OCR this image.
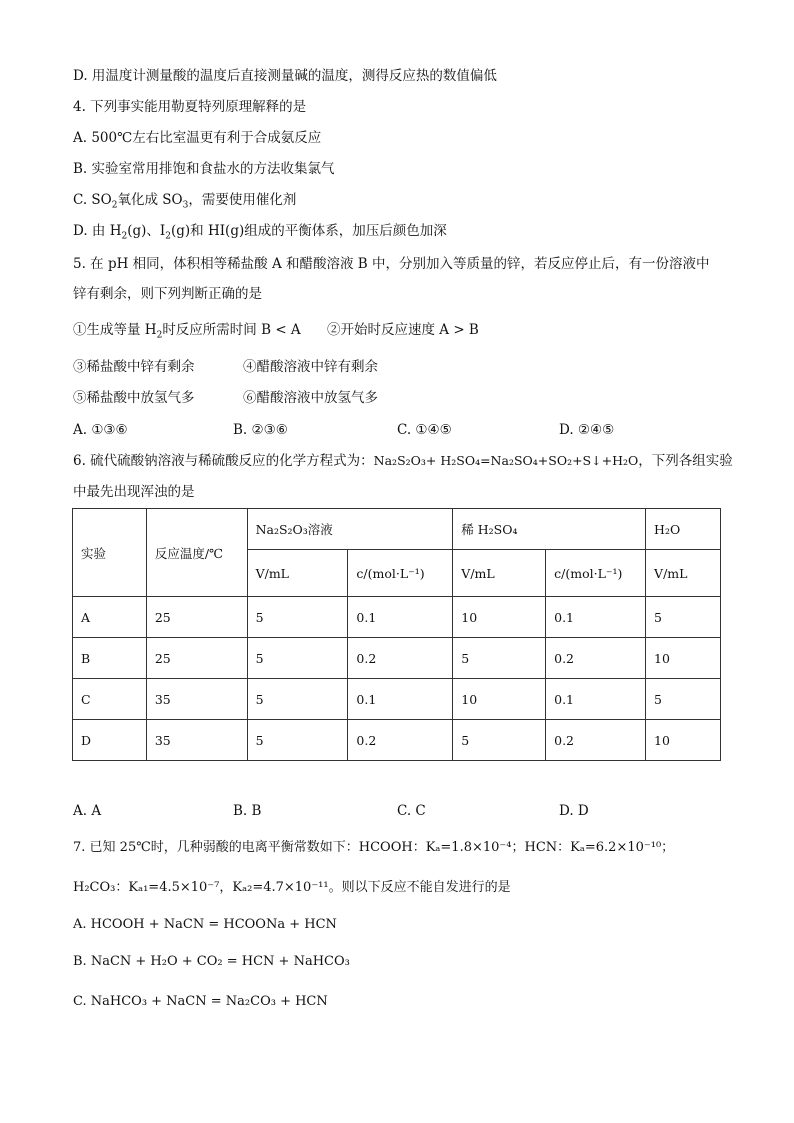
D. 用温度计测量酸的温度后直接测量碱的温度，测得反应热的数值偏低
4. 下列事实能用勒夏特列原理解释的是
A. 500℃左右比室温更有利于合成氨反应
B. 实验室常用排饱和食盐水的方法收集氯气
C. $SO_2$氧化成 $SO_3$，需要使用催化剂
D. 由 $H_2(g)$、$I_2(g)$和 HI(g)组成的平衡体系，加压后颜色加深
5. 在 pH 相同，体积相等稀盐酸 A 和醋酸溶液 B 中，分别加入等质量的锌，若反应停止后，有一份溶液中
锌有剩余，则下列判断正确的是
①生成等量 $H_2$时反应所需时间 B < A ②开始时反应速度 A > B
③稀盐酸中锌有剩余	④醋酸溶液中锌有剩余
⑤稀盐酸中放氢气多	⑥醋酸溶液中放氢气多
A. ①③⑥	B. ②③⑥	C. ①④⑤	D. ②④⑤
6. 硫代硫酸钠溶液与稀硫酸反应的化学方程式为：Na₂S₂O₃+ H₂SO₄=Na₂SO₄+SO₂+S↓+H₂O，下列各组实验
中最先出现浑浊的是
实验	反应温度/℃	Na₂S₂O₃溶液		稀 H₂SO₄		H₂O
		V/mL	c/(mol·L⁻¹)	V/mL	c/(mol·L⁻¹)	V/mL
A	25	5	0.1	10	0.1	5
B	25	5	0.2	5	0.2	10
C	35	5	0.1	10	0.1	5
D	35	5	0.2	5	0.2	10
A. A	B. B	C. C	D. D
7. 已知 25℃时，几种弱酸的电离平衡常数如下：HCOOH：Kₐ=1.8×10⁻⁴；HCN：Kₐ=6.2×10⁻¹⁰；
H₂CO₃：Kₐ₁=4.5×10⁻⁷，Kₐ₂=4.7×10⁻¹¹。则以下反应不能自发进行的是
A. HCOOH + NaCN = HCOONa + HCN
B. NaCN + H₂O + CO₂ = HCN + NaHCO₃
C. NaHCO₃ + NaCN = Na₂CO₃ + HCN
